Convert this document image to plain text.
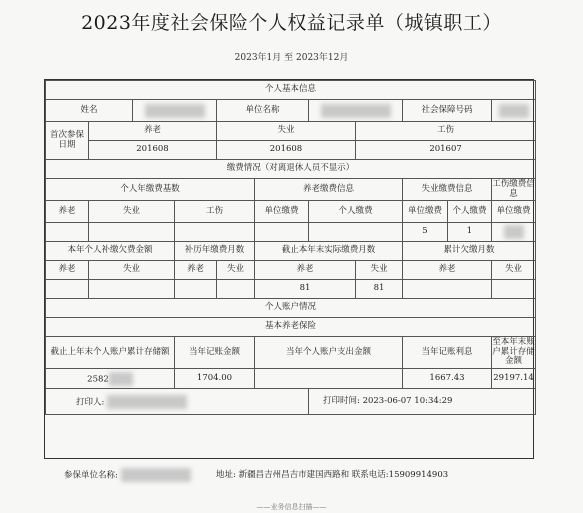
2023年度社会保险个人权益记录单（城镇职工）
2023年1月 至 2023年12月
个人基本信息										
姓名				单位名称				社会保障号码		
首次参保日期	养老			失业			工伤			
	201608			201608			201607			
缴费情况（对离退休人员不显示）										
个人年缴费基数					养老缴费信息			失业缴费信息		工伤缴费信息
养老	失业		工伤		单位缴费	个人缴费		单位缴费	个人缴费	单位缴费
								5	1	
本年个人补缴欠费金额			补历年缴费月数		截止本年末实际缴费月数			累计欠缴月数		
养老	失业		养老	失业	养老		失业	养老		失业
					81		81			
个人账户情况										
基本养老保险										
截止上年末个人账户累计存储额			当年记账金额		当年个人账户支出金额			当年记账利息		至本年末账户累计存储金额
2582			1704.00					1667.43		29197.14
打印人:						打印时间: 2023-06-07 10:34:29				
参保单位名称:	地址: 新疆昌吉州昌吉市建国西路和 联系电话:15909914903
——业务信息扫描——
